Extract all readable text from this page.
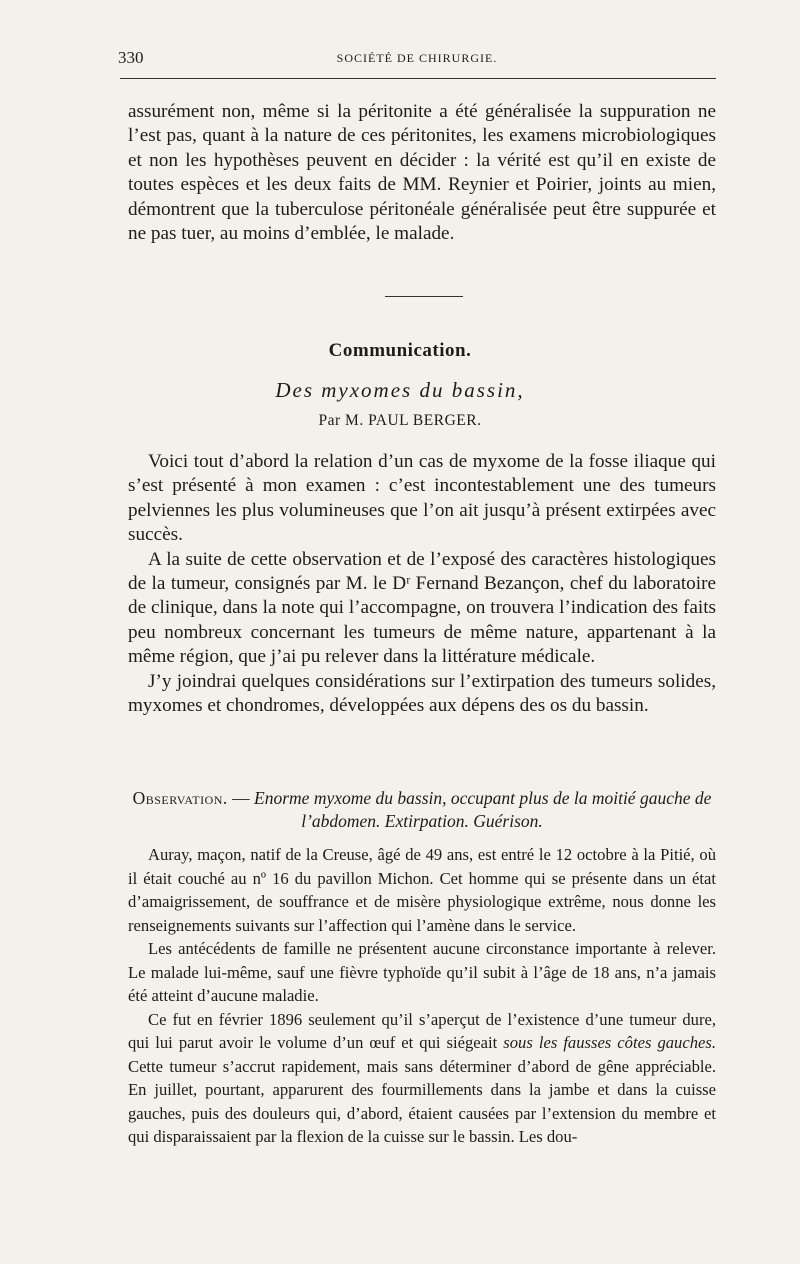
330	SOCIÉTÉ DE CHIRURGIE.

assurément non, même si la péritonite a été généralisée la suppuration ne l’est pas, quant à la nature de ces péritonites, les examens microbiologiques et non les hypothèses peuvent en décider : la vérité est qu’il en existe de toutes espèces et les deux faits de MM. Reynier et Poirier, joints au mien, démontrent que la tuberculose péritonéale généralisée peut être suppurée et ne pas tuer, au moins d’emblée, le malade.

Communication.
Des myxomes du bassin,
Par M. PAUL BERGER.

Voici tout d’abord la relation d’un cas de myxome de la fosse iliaque qui s’est présenté à mon examen : c’est incontestablement une des tumeurs pelviennes les plus volumineuses que l’on ait jusqu’à présent extirpées avec succès.

A la suite de cette observation et de l’exposé des caractères histologiques de la tumeur, consignés par M. le Dʳ Fernand Bezançon, chef du laboratoire de clinique, dans la note qui l’accompagne, on trouvera l’indication des faits peu nombreux concernant les tumeurs de même nature, appartenant à la même région, que j’ai pu relever dans la littérature médicale.

J’y joindrai quelques considérations sur l’extirpation des tumeurs solides, myxomes et chondromes, développées aux dépens des os du bassin.

Observation. — Enorme myxome du bassin, occupant plus de la moitié gauche de l’abdomen. Extirpation. Guérison.

Auray, maçon, natif de la Creuse, âgé de 49 ans, est entré le 12 octobre à la Pitié, où il était couché au nº 16 du pavillon Michon. Cet homme qui se présente dans un état d’amaigrissement, de souffrance et de misère physiologique extrême, nous donne les renseignements suivants sur l’affection qui l’amène dans le service.

Les antécédents de famille ne présentent aucune circonstance importante à relever. Le malade lui-même, sauf une fièvre typhoïde qu’il subit à l’âge de 18 ans, n’a jamais été atteint d’aucune maladie.

Ce fut en février 1896 seulement qu’il s’aperçut de l’existence d’une tumeur dure, qui lui parut avoir le volume d’un œuf et qui siégeait sous les fausses côtes gauches. Cette tumeur s’accrut rapidement, mais sans déterminer d’abord de gêne appréciable. En juillet, pourtant, apparurent des fourmillements dans la jambe et dans la cuisse gauches, puis des douleurs qui, d’abord, étaient causées par l’extension du membre et qui disparaissaient par la flexion de la cuisse sur le bassin. Les dou-
